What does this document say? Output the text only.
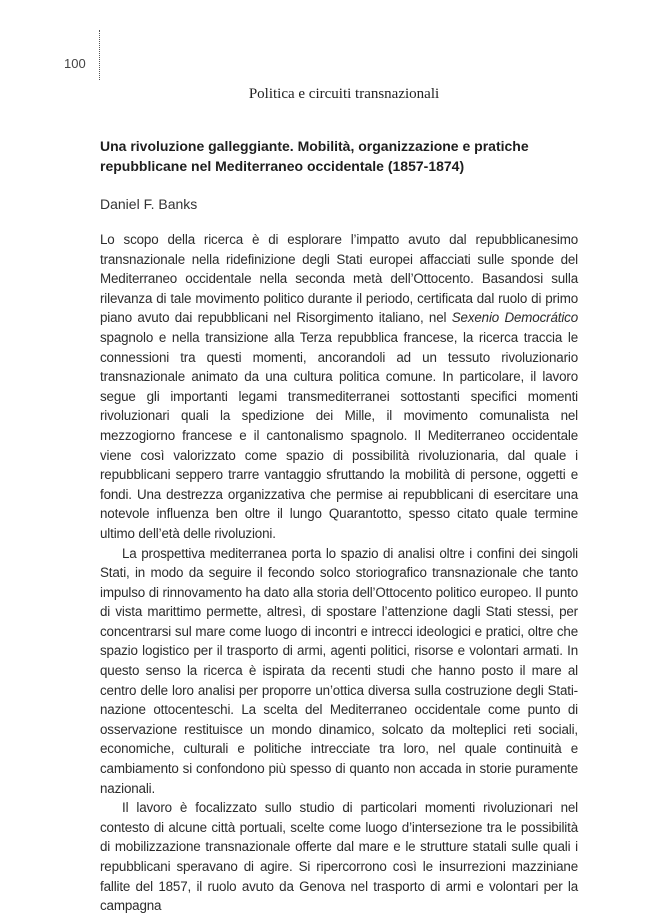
100
Politica e circuiti transnazionali
Una rivoluzione galleggiante. Mobilità, organizzazione e pratiche repubblicane nel Mediterraneo occidentale (1857-1874)
Daniel F. Banks

Lo scopo della ricerca è di esplorare l’impatto avuto dal repubblicanesimo transnazionale nella ridefinizione degli Stati europei affacciati sulle sponde del Mediterraneo occidentale nella seconda metà dell’Ottocento. Basandosi sulla rilevanza di tale movimento politico durante il periodo, certificata dal ruolo di primo piano avuto dai repubblicani nel Risorgimento italiano, nel Sexenio Democrático spagnolo e nella transizione alla Terza repubblica francese, la ricerca traccia le connessioni tra questi momenti, ancorandoli ad un tessuto rivoluzionario transnazionale animato da una cultura politica comune. In particolare, il lavoro segue gli importanti legami transmediterranei sottostanti specifici momenti rivoluzionari quali la spedizione dei Mille, il movimento comunalista nel mezzogiorno francese e il cantonalismo spagnolo. Il Mediterraneo occidentale viene così valorizzato come spazio di possibilità rivoluzionaria, dal quale i repubblicani seppero trarre vantaggio sfruttando la mobilità di persone, oggetti e fondi. Una destrezza organizzativa che permise ai repubblicani di esercitare una notevole influenza ben oltre il lungo Quarantotto, spesso citato quale termine ultimo dell’età delle rivoluzioni.

La prospettiva mediterranea porta lo spazio di analisi oltre i confini dei singoli Stati, in modo da seguire il fecondo solco storiografico transnazionale che tanto impulso di rinnovamento ha dato alla storia dell’Ottocento politico europeo. Il punto di vista marittimo permette, altresì, di spostare l’attenzione dagli Stati stessi, per concentrarsi sul mare come luogo di incontri e intrecci ideologici e pratici, oltre che spazio logistico per il trasporto di armi, agenti politici, risorse e volontari armati. In questo senso la ricerca è ispirata da recenti studi che hanno posto il mare al centro delle loro analisi per proporre un’ottica diversa sulla costruzione degli Stati-nazione ottocenteschi. La scelta del Mediterraneo occidentale come punto di osservazione restituisce un mondo dinamico, solcato da molteplici reti sociali, economiche, culturali e politiche intrecciate tra loro, nel quale continuità e cambiamento si confondono più spesso di quanto non accada in storie puramente nazionali.

Il lavoro è focalizzato sullo studio di particolari momenti rivoluzionari nel contesto di alcune città portuali, scelte come luogo d’intersezione tra le possibilità di mobilizzazione transnazionale offerte dal mare e le strutture statali sulle quali i repubblicani speravano di agire. Si ripercorrono così le insurrezioni mazziniane fallite del 1857, il ruolo avuto da Genova nel trasporto di armi e volontari per la campagna
